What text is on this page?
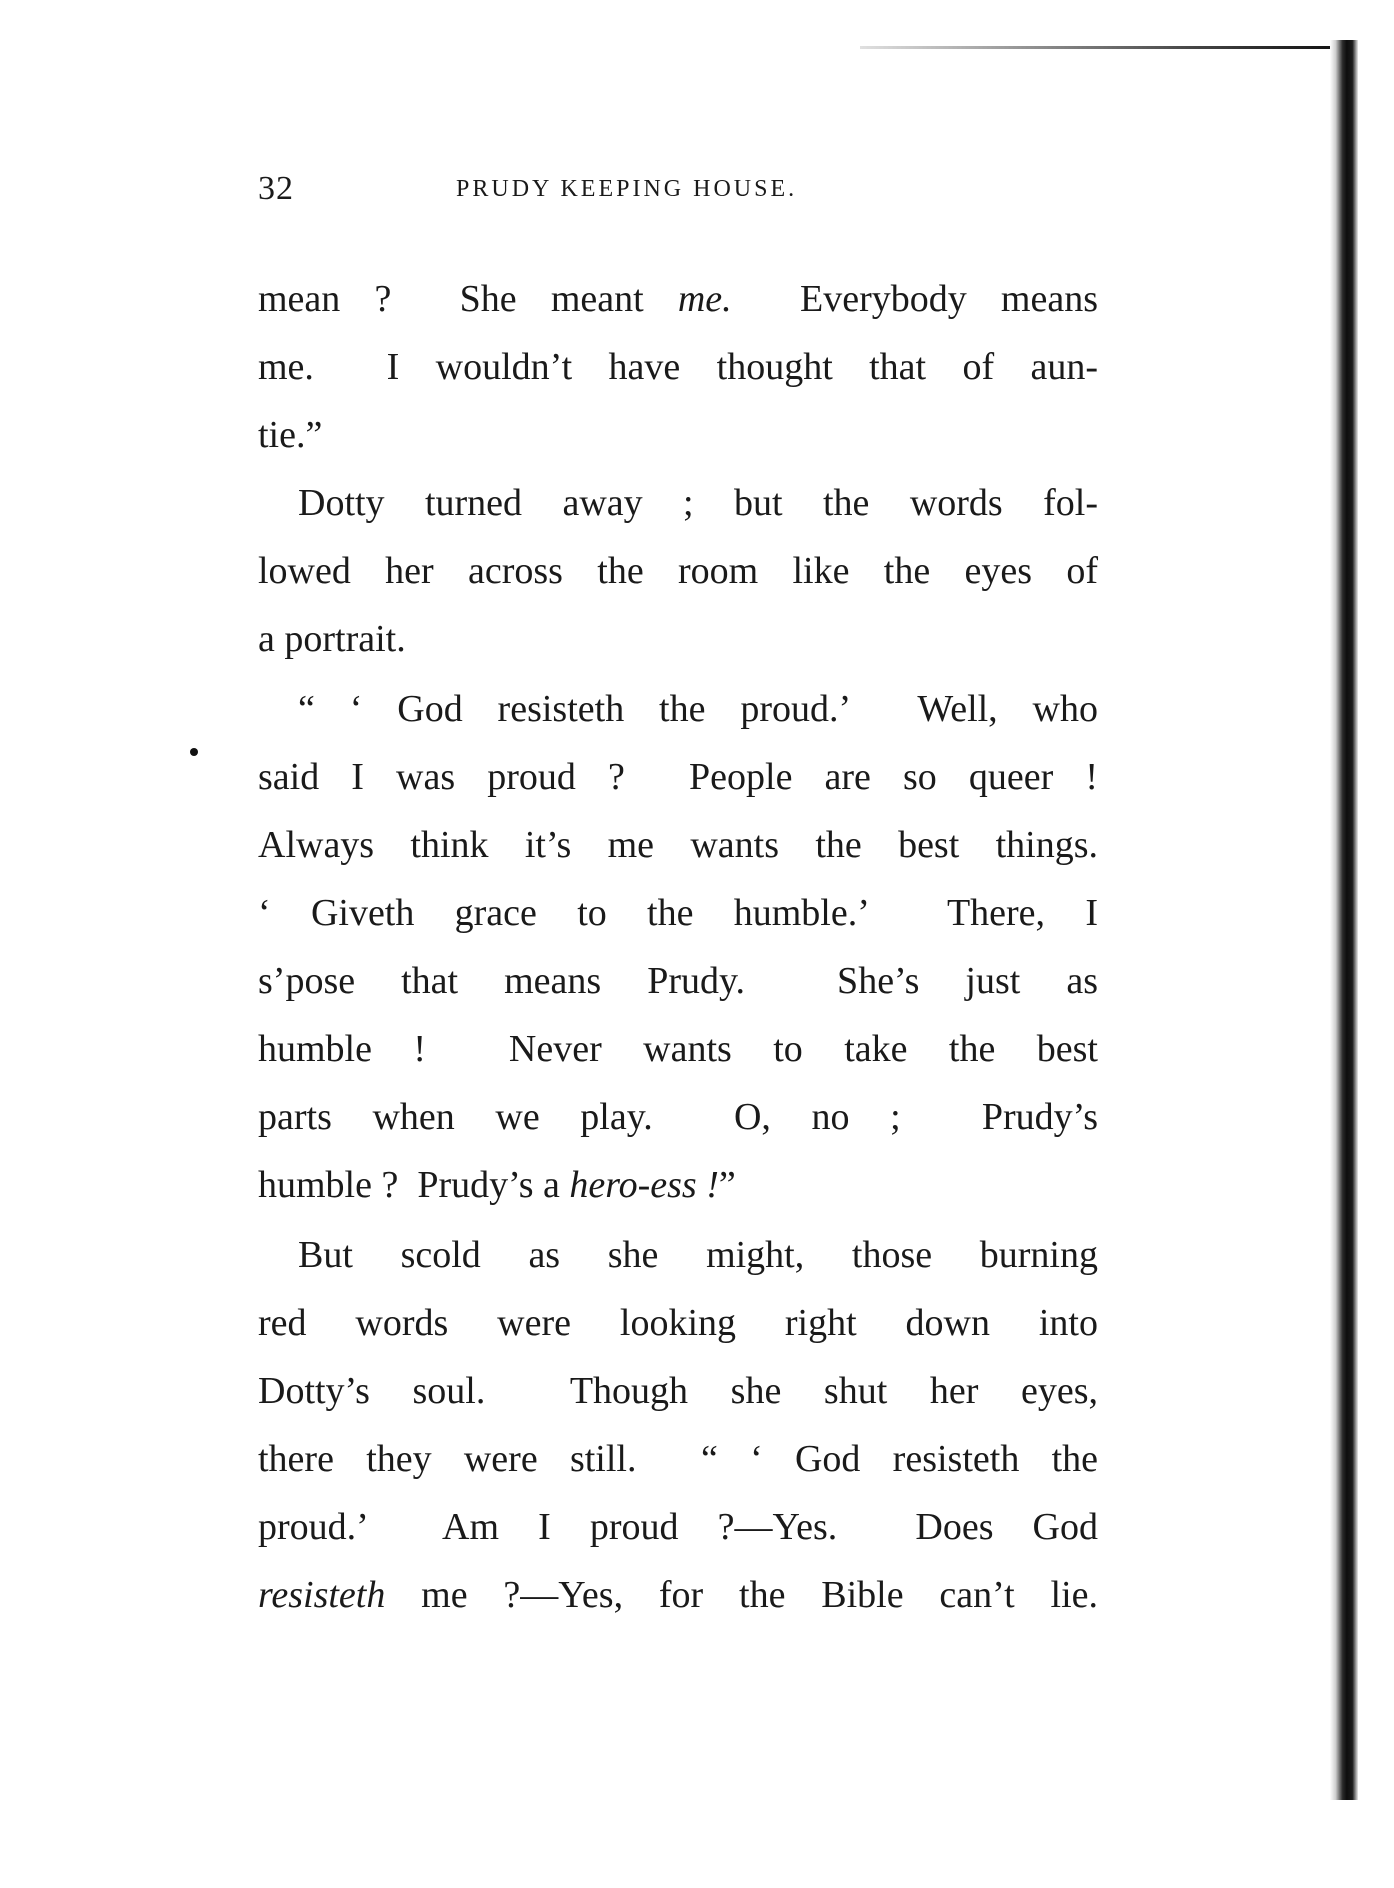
32	PRUDY KEEPING HOUSE.
mean ?  She meant me.  Everybody means
me.  I wouldn’t have thought that of aun-
tie.”
Dotty turned away ; but the words fol-
lowed her across the room like the eyes of
a portrait.
“ ‘ God resisteth the proud.’  Well, who
said I was proud ?  People are so queer !
Always think it’s me wants the best things.
‘ Giveth grace to the humble.’  There, I
s’pose that means Prudy.  She’s just as
humble !  Never wants to take the best
parts when we play.  O, no ;  Prudy’s
humble ?  Prudy’s a hero-ess !”
But scold as she might, those burning
red words were looking right down into
Dotty’s soul.  Though she shut her eyes,
there they were still.  “ ‘ God resisteth the
proud.’  Am I proud ?—Yes.  Does God
resisteth me ?—Yes, for the Bible can’t lie.
